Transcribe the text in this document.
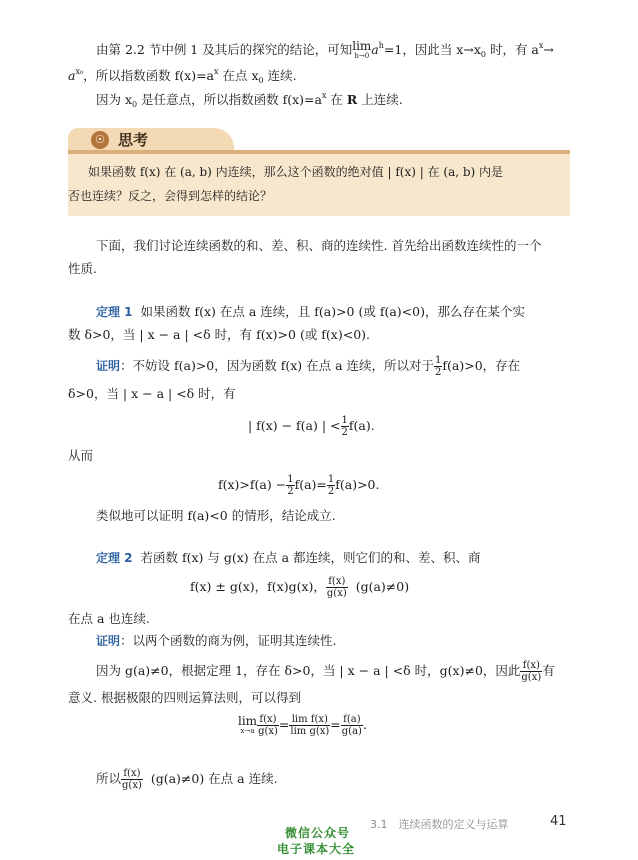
由第 2.2 节中例 1 及其后的探究的结论，可知 lim
h→0 $a^h=1$，因此当 $x\to x_0$ 时，有 $a^x\to$
$a^{x_0}$，所以指数函数 $f(x)=a^x$ 在点 $x_0$ 连续.
因为 $x_0$ 是任意点，所以指数函数 $f(x)=a^x$ 在 R 上连续.
☉ 思考
如果函数 f(x) 在 (a, b) 内连续，那么这个函数的绝对值 | f(x) | 在 (a, b) 内是
否也连续？反之，会得到怎样的结论？
下面，我们讨论连续函数的和、差、积、商的连续性. 首先给出函数连续性的一个
性质.
定理 1 如果函数 f(x) 在点 a 连续，且 f(a)>0 (或 f(a)<0)，那么存在某个实
数 δ>0，当 | x − a | <δ 时，有 f(x)>0 (或 f(x)<0).
证明：不妨设 f(a)>0，因为函数 f(x) 在点 a 连续，所以对于 $\frac{1}{2} f(a)>0$，存在
δ>0，当 | x − a | <δ 时，有
| f(x) − f(a) | < $\frac{1}{2} f(a)$.
从而
$f(x)>f(a) - \frac{1}{2} f(a)= \frac{1}{2} f(a)>0$.
类似地可以证明 f(a)<0 的情形，结论成立.
定理 2 若函数 f(x) 与 g(x) 在点 a 都连续，则它们的和、差、积、商
f(x) ± g(x)，f(x)g(x)， $\frac{f(x)}{g(x)} (g(a)\ne 0)$
在点 a 也连续.
证明：以两个函数的商为例，证明其连续性.
因为 g(a)≠0，根据定理 1，存在 δ>0，当 | x − a | <δ 时，g(x)≠0，因此 $\frac{f(x)}{g(x)}$ 有
意义. 根据极限的四则运算法则，可以得到
lim
$x\to a \frac{f(x)}{g(x)} = \frac{\text{lim f(x)}}{\text{lim g(x)}} = \frac{f(a)}{g(a)}$ .
所以 $\frac{f(x)}{g(x)} (g(a)\ne 0)$ 在点 a 连续.
3.1　连续函数的定义与运算	41
微信公众号
电子课本大全
